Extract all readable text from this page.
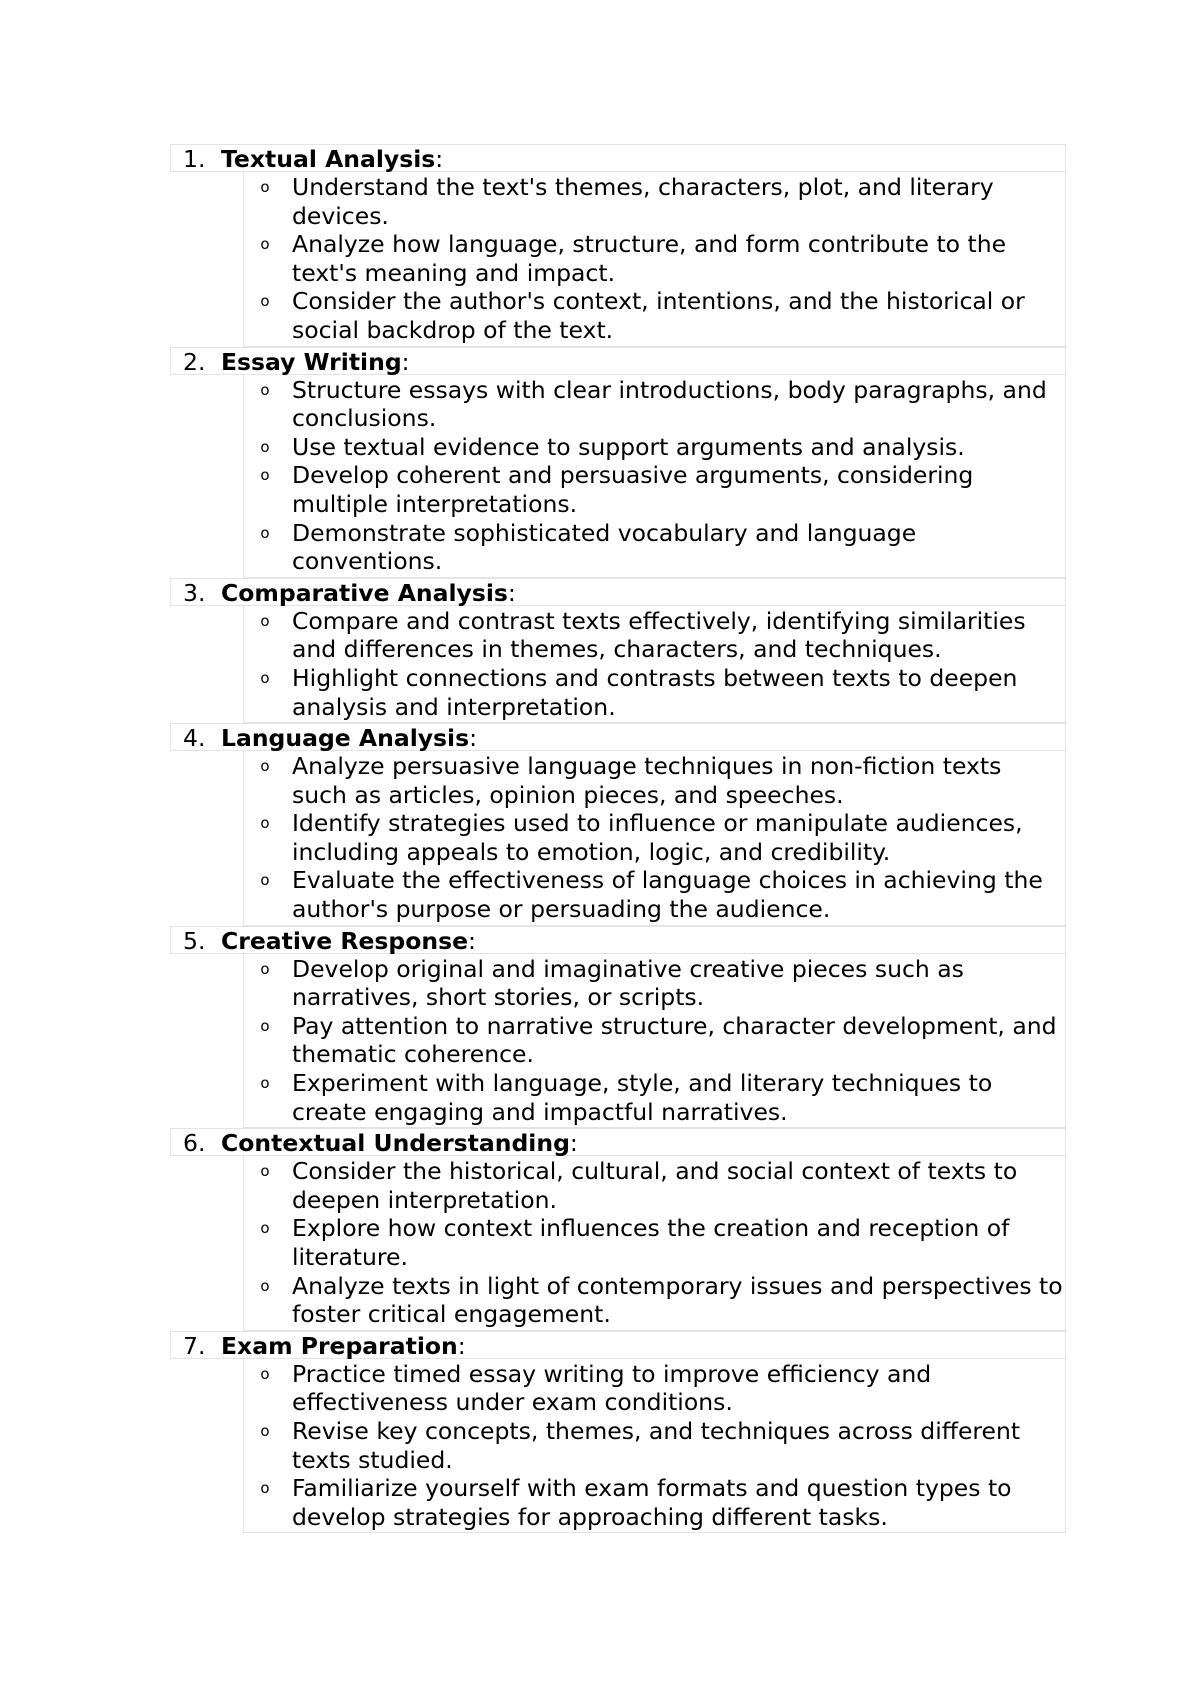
1. Textual Analysis:
o Understand the text's themes, characters, plot, and literary devices.
o Analyze how language, structure, and form contribute to the text's meaning and impact.
o Consider the author's context, intentions, and the historical or social backdrop of the text.
2. Essay Writing:
o Structure essays with clear introductions, body paragraphs, and conclusions.
o Use textual evidence to support arguments and analysis.
o Develop coherent and persuasive arguments, considering multiple interpretations.
o Demonstrate sophisticated vocabulary and language conventions.
3. Comparative Analysis:
o Compare and contrast texts effectively, identifying similarities and differences in themes, characters, and techniques.
o Highlight connections and contrasts between texts to deepen analysis and interpretation.
4. Language Analysis:
o Analyze persuasive language techniques in non-fiction texts such as articles, opinion pieces, and speeches.
o Identify strategies used to influence or manipulate audiences, including appeals to emotion, logic, and credibility.
o Evaluate the effectiveness of language choices in achieving the author's purpose or persuading the audience.
5. Creative Response:
o Develop original and imaginative creative pieces such as narratives, short stories, or scripts.
o Pay attention to narrative structure, character development, and thematic coherence.
o Experiment with language, style, and literary techniques to create engaging and impactful narratives.
6. Contextual Understanding:
o Consider the historical, cultural, and social context of texts to deepen interpretation.
o Explore how context influences the creation and reception of literature.
o Analyze texts in light of contemporary issues and perspectives to foster critical engagement.
7. Exam Preparation:
o Practice timed essay writing to improve efficiency and effectiveness under exam conditions.
o Revise key concepts, themes, and techniques across different texts studied.
o Familiarize yourself with exam formats and question types to develop strategies for approaching different tasks.
